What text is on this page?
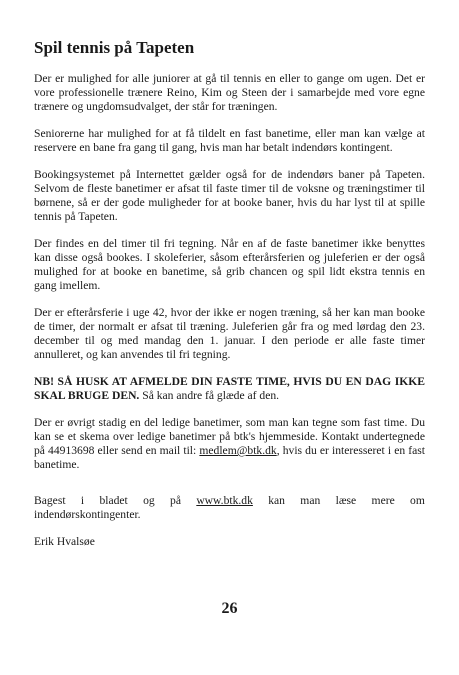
Spil tennis på Tapeten

Der er mulighed for alle juniorer at gå til tennis en eller to gange om ugen. Det er vore professionelle trænere Reino, Kim og Steen der i samarbejde med vore egne trænere og ungdomsudvalget, der står for træningen.

Seniorerne har mulighed for at få tildelt en fast banetime, eller man kan vælge at reservere en bane fra gang til gang, hvis man har betalt indendørs kontingent.

Bookingsystemet på Internettet gælder også for de indendørs baner på Tapeten. Selvom de fleste banetimer er afsat til faste timer til de voksne og træningstimer til børnene, så er der gode muligheder for at booke baner, hvis du har lyst til at spille tennis på Tapeten.

Der findes en del timer til fri tegning. Når en af de faste banetimer ikke benyttes kan disse også bookes. I skoleferier, såsom efterårsferien og juleferien er der også mulighed for at booke en banetime, så grib chancen og spil lidt ekstra tennis en gang imellem.

Der er efterårsferie i uge 42, hvor der ikke er nogen træning, så her kan man booke de timer, der normalt er afsat til træning. Juleferien går fra og med lørdag den 23. december til og med mandag den 1. januar. I den periode er alle faste timer annulleret, og kan anvendes til fri tegning.

NB! SÅ HUSK AT AFMELDE DIN FASTE TIME, HVIS DU EN DAG IKKE SKAL BRUGE DEN. Så kan andre få glæde af den.

Der er øvrigt stadig en del ledige banetimer, som man kan tegne som fast time. Du kan se et skema over ledige banetimer på btk's hjemmeside. Kontakt undertegnede på 44913698 eller send en mail til: medlem@btk.dk, hvis du er interesseret i en fast banetime.

Bagest i bladet og på www.btk.dk kan man læse mere om
indendørskontingenter.
Erik Hvalsøe
26
